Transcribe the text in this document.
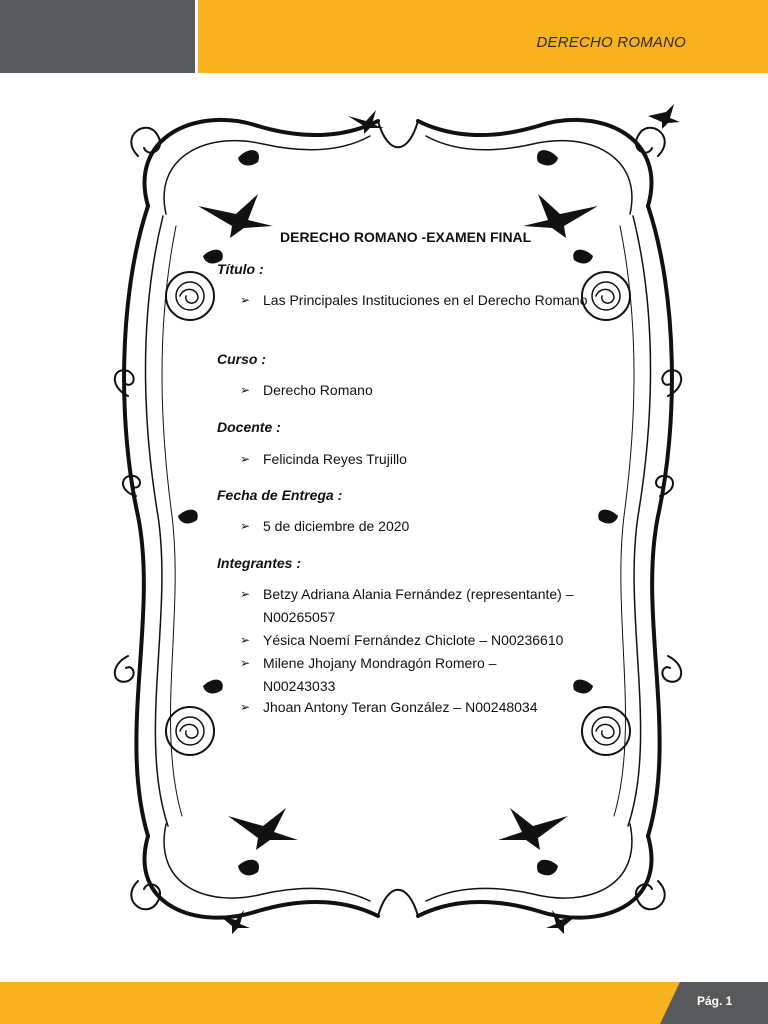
DERECHO ROMANO
DERECHO ROMANO -EXAMEN FINAL
Título :
➢ Las Principales Instituciones en el Derecho Romano
Curso :
➢ Derecho Romano
Docente :
➢ Felicinda Reyes Trujillo
Fecha de Entrega :
➢ 5 de diciembre de 2020
Integrantes :
➢ Betzy Adriana Alania Fernández (representante) – N00265057
➢ Yésica Noemí Fernández Chiclote – N00236610
➢ Milene Jhojany Mondragón Romero – N00243033
➢ Jhoan Antony Teran González – N00248034
Pág. 1
